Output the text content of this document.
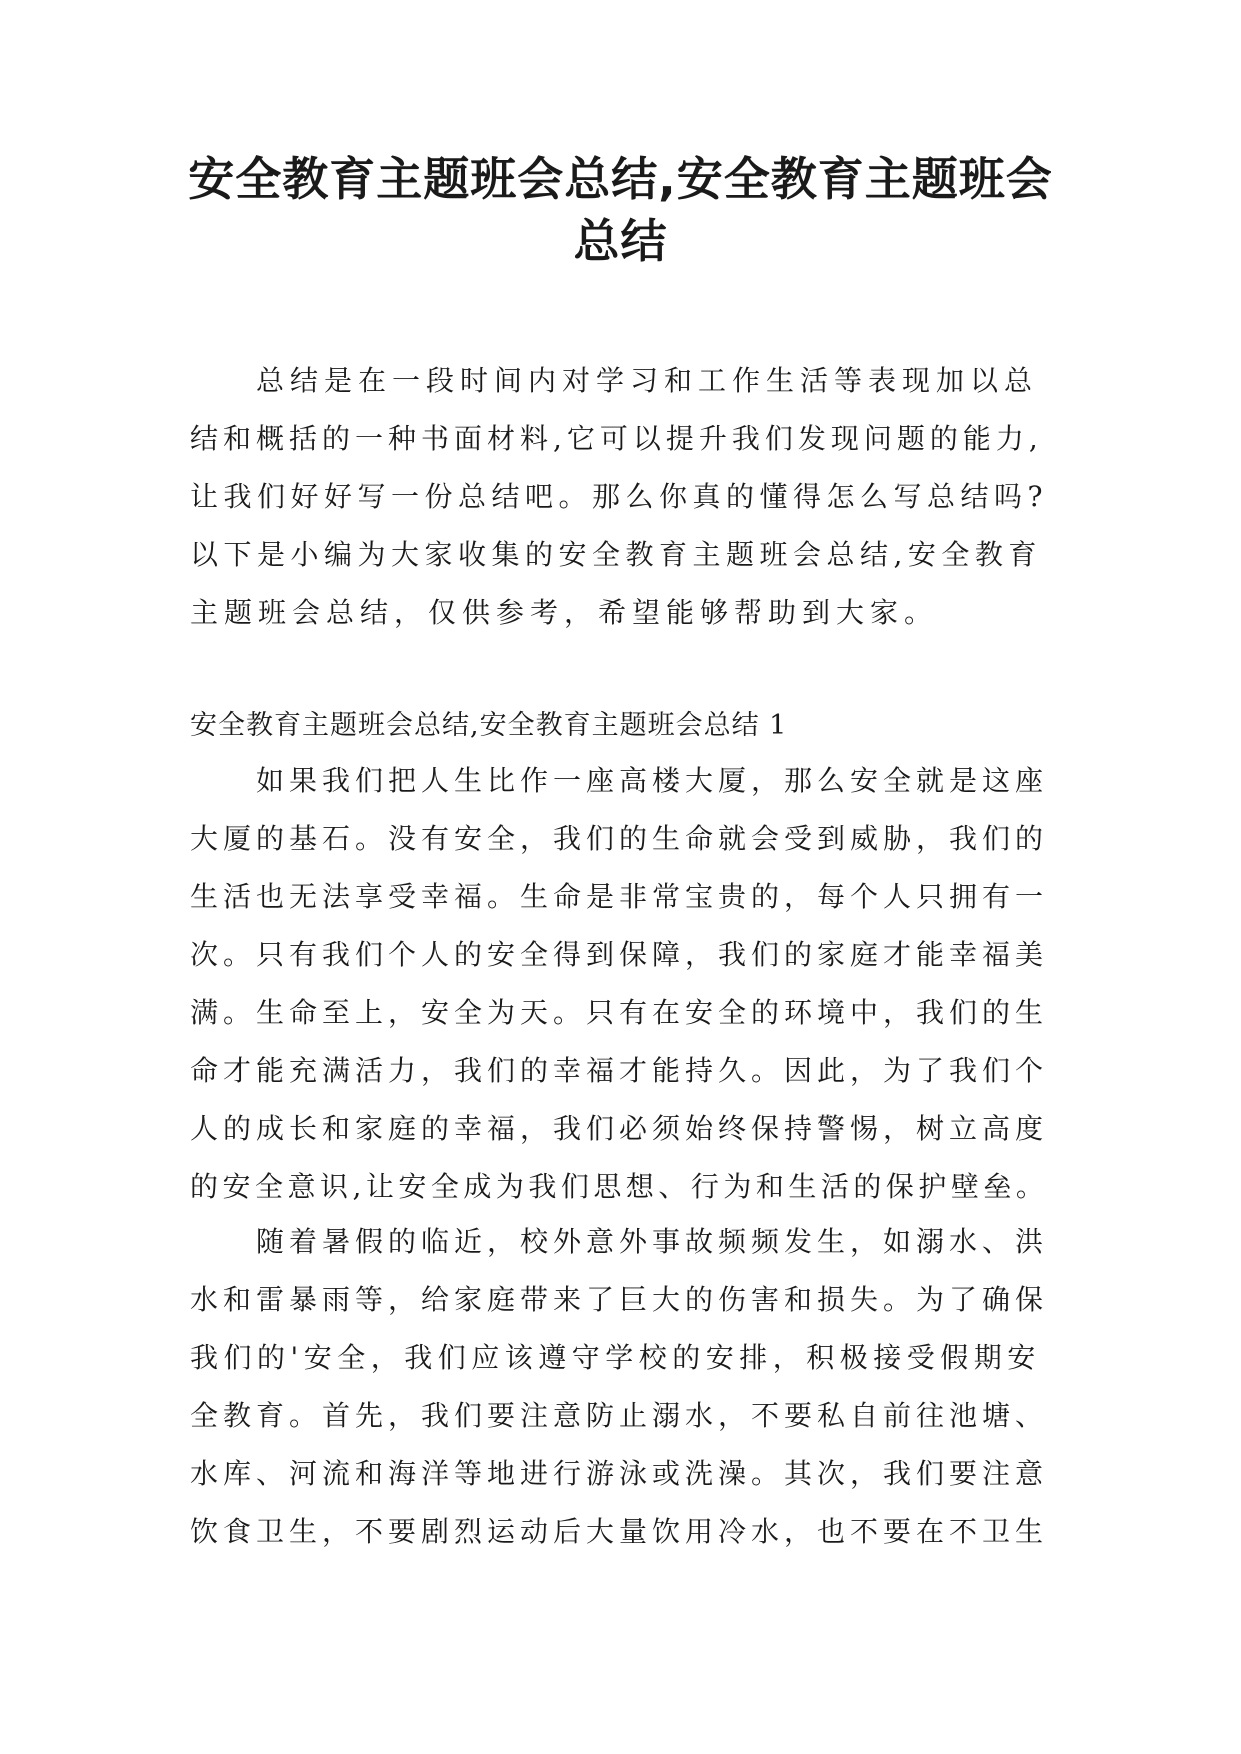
安全教育主题班会总结,安全教育主题班会
总结
总结是在一段时间内对学习和工作生活等表现加以总
结和概括的一种书面材料,它可以提升我们发现问题的能力,
让我们好好写一份总结吧。那么你真的懂得怎么写总结吗?
以下是小编为大家收集的安全教育主题班会总结,安全教育
主题班会总结，仅供参考，希望能够帮助到大家。
安全教育主题班会总结,安全教育主题班会总结 1
如果我们把人生比作一座高楼大厦，那么安全就是这座
大厦的基石。没有安全，我们的生命就会受到威胁，我们的
生活也无法享受幸福。生命是非常宝贵的，每个人只拥有一
次。只有我们个人的安全得到保障，我们的家庭才能幸福美
满。生命至上，安全为天。只有在安全的环境中，我们的生
命才能充满活力，我们的幸福才能持久。因此，为了我们个
人的成长和家庭的幸福，我们必须始终保持警惕，树立高度
的安全意识,让安全成为我们思想、行为和生活的保护壁垒。
随着暑假的临近，校外意外事故频频发生，如溺水、洪
水和雷暴雨等，给家庭带来了巨大的伤害和损失。为了确保
我们的'安全，我们应该遵守学校的安排，积极接受假期安
全教育。首先，我们要注意防止溺水，不要私自前往池塘、
水库、河流和海洋等地进行游泳或洗澡。其次，我们要注意
饮食卫生，不要剧烈运动后大量饮用冷水，也不要在不卫生
